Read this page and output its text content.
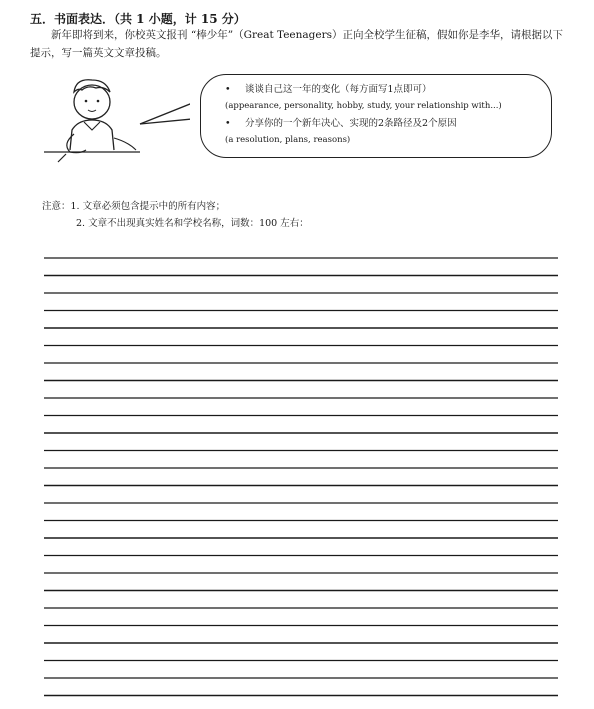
五．书面表达．（共 1 小题，计 15 分）
新年即将到来，你校英文报刊 “棒少年”（Great Teenagers）正向全校学生征稿，假如你是李华，请根据以下提示，写一篇英文文章投稿。
• 谈谈自己这一年的变化（每方面写1点即可）
(appearance, personality, hobby, study, your relationship with...)
• 分享你的一个新年决心、实现的2条路径及2个原因
(a resolution, plans, reasons)
注意：1. 文章必须包含提示中的所有内容；
2. 文章不出现真实姓名和学校名称，词数：100 左右：
